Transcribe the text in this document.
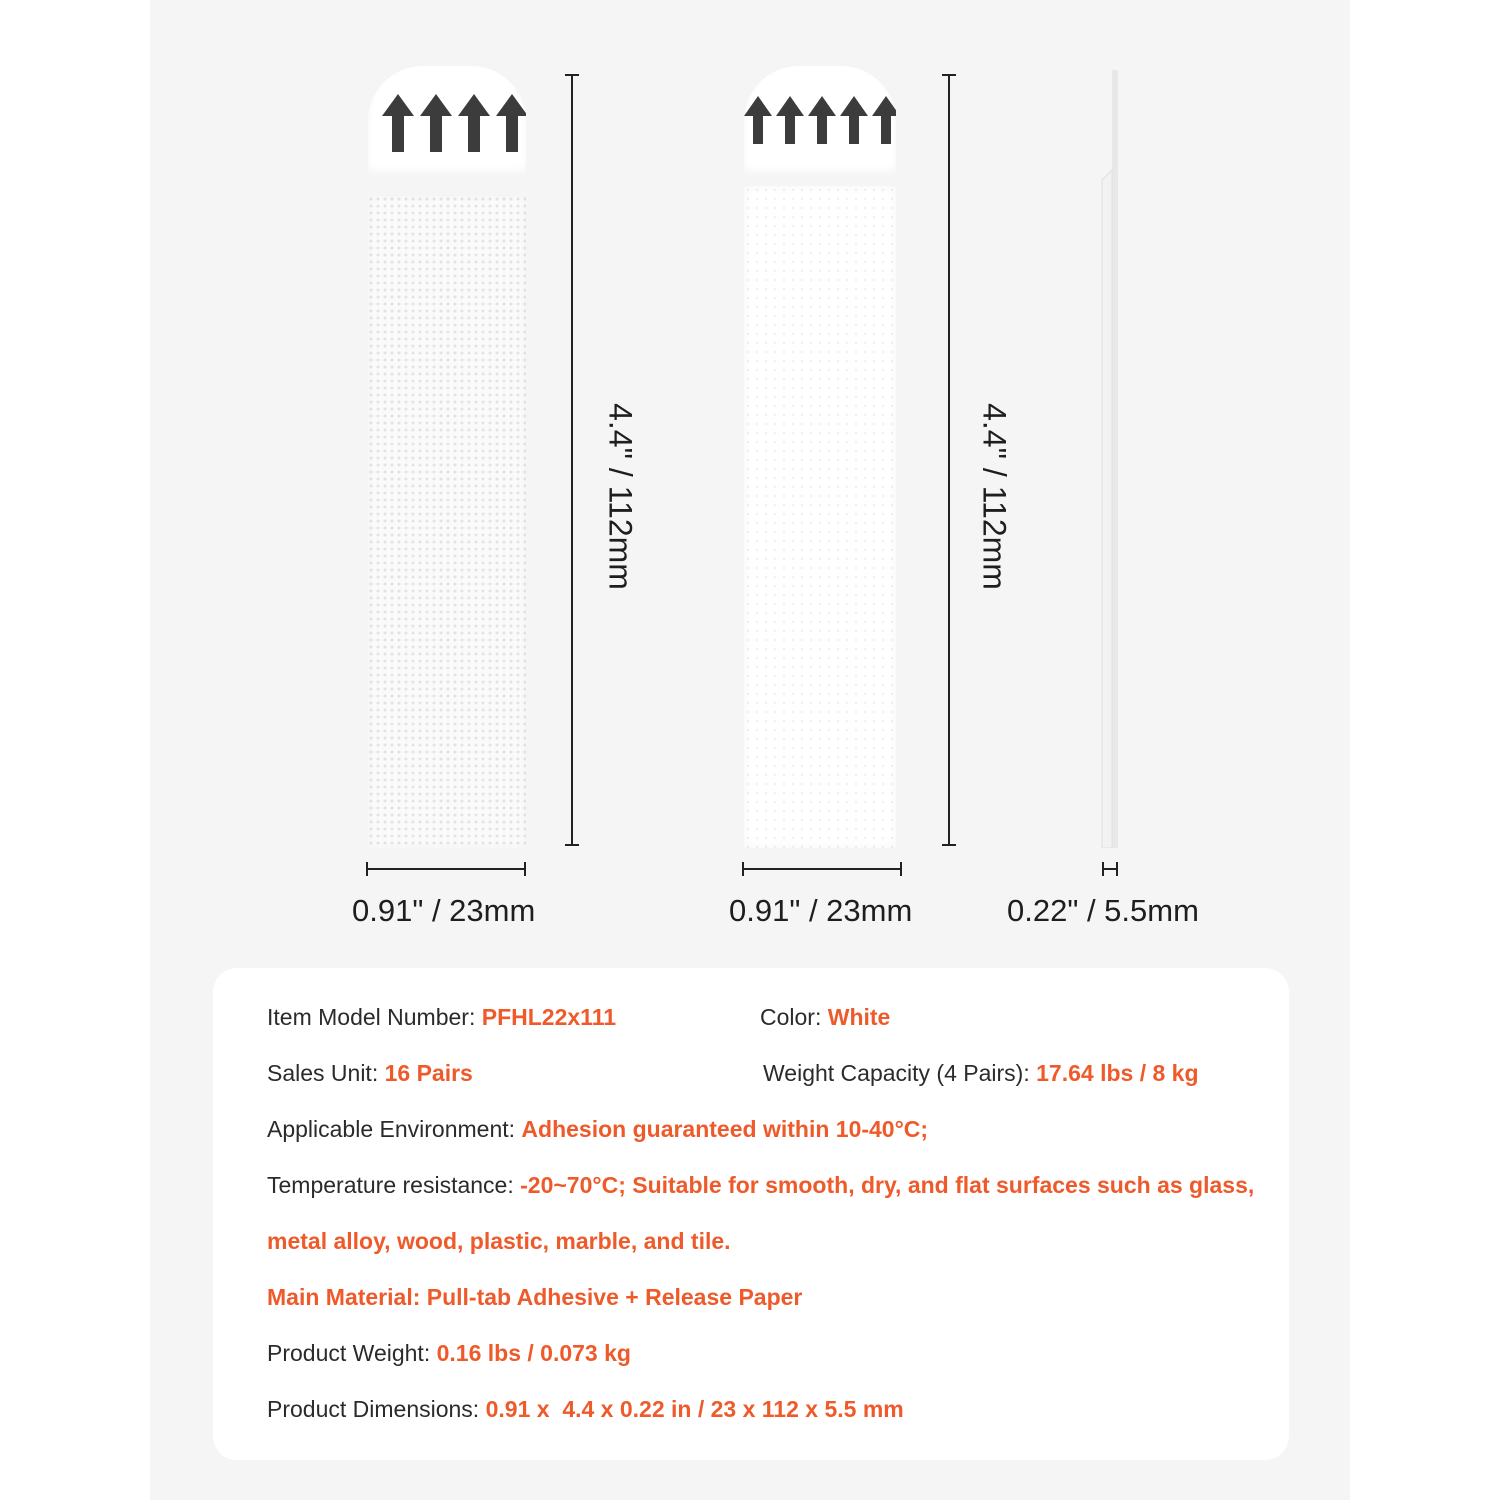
4.4" / 112mm
0.91" / 23mm
4.4" / 112mm
0.91" / 23mm	0.22" / 5.5mm
Item Model Number: PFHL22x111	Color: White
Sales Unit: 16 Pairs	Weight Capacity (4 Pairs): 17.64 lbs / 8 kg
Applicable Environment: Adhesion guaranteed within 10-40°C;
Temperature resistance: -20~70°C; Suitable for smooth, dry, and flat surfaces such as glass,
metal alloy, wood, plastic, marble, and tile.
Main Material: Pull-tab Adhesive + Release Paper
Product Weight: 0.16 lbs / 0.073 kg
Product Dimensions: 0.91 x  4.4 x 0.22 in / 23 x 112 x 5.5 mm
